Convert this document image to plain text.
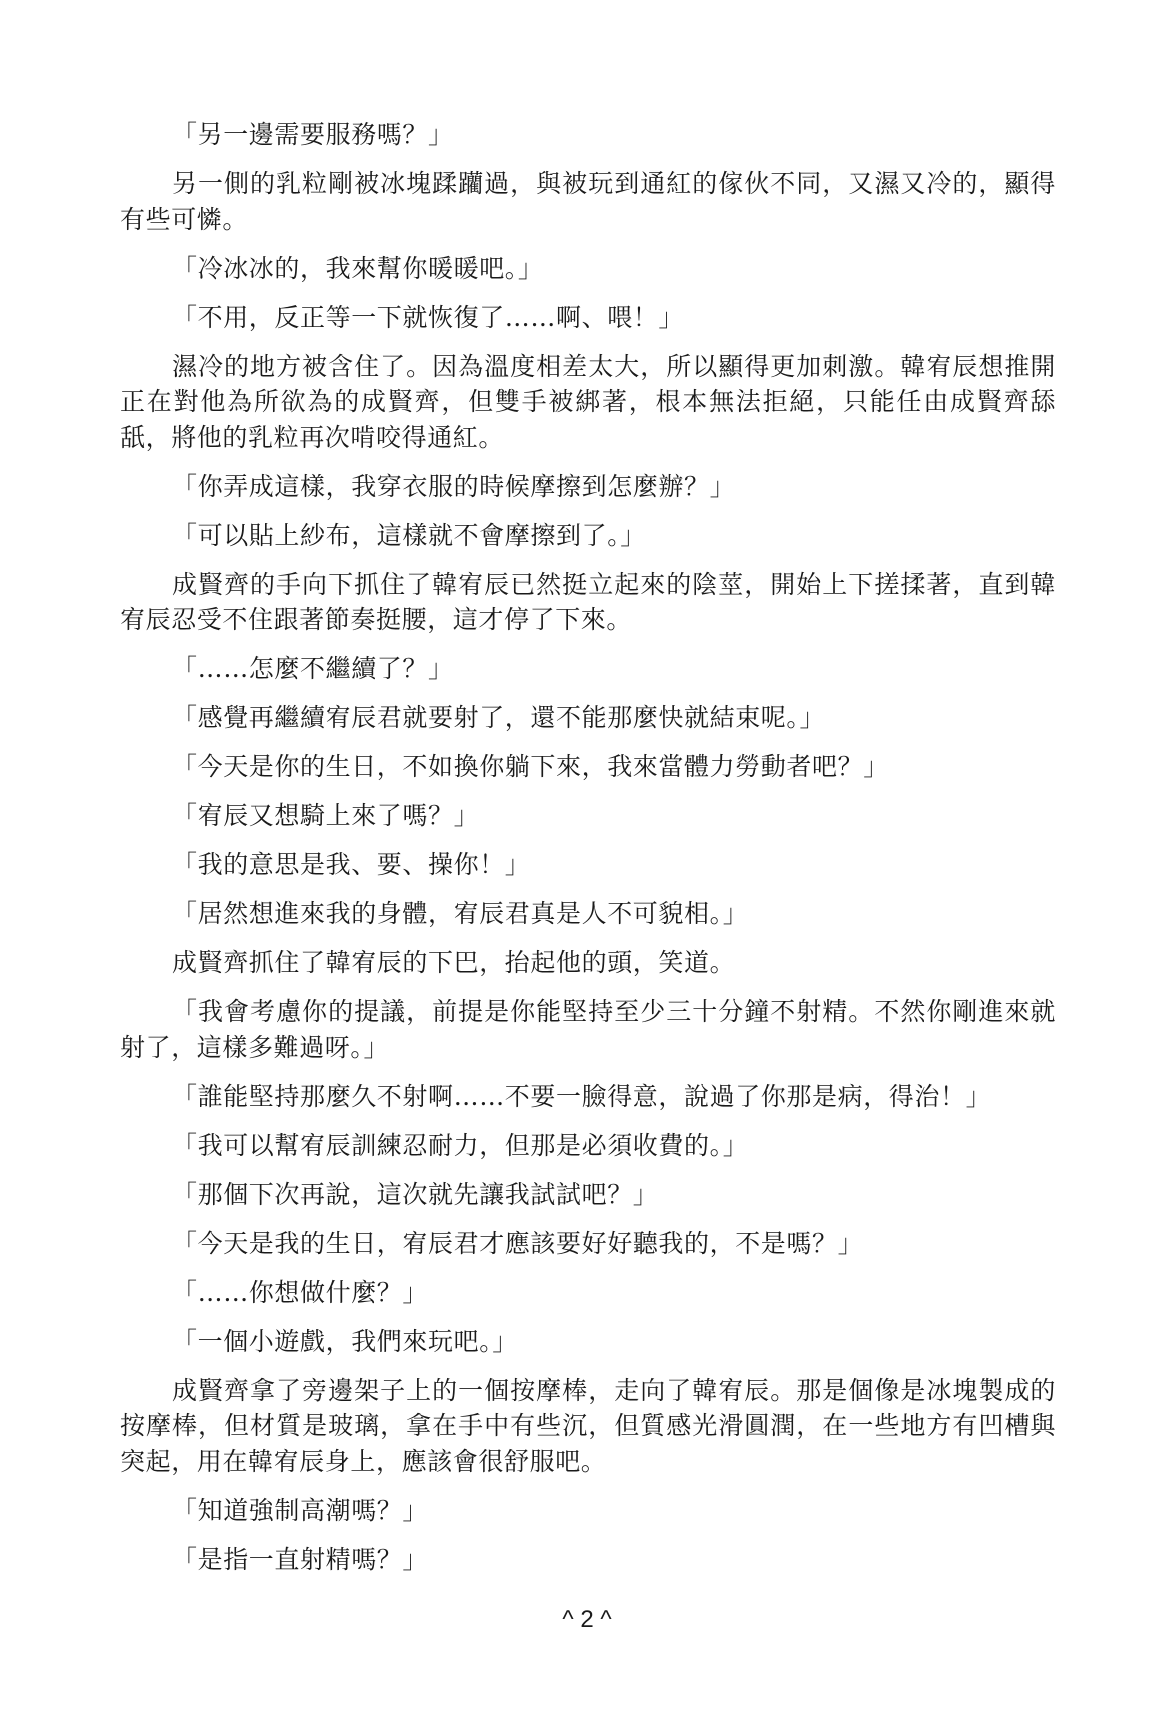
「另一邊需要服務嗎？」

另一側的乳粒剛被冰塊蹂躪過，與被玩到通紅的傢伙不同，又濕又冷的，顯得有些可憐。

「冷冰冰的，我來幫你暖暖吧。」

「不用，反正等一下就恢復了……啊、喂！」

濕冷的地方被含住了。因為溫度相差太大，所以顯得更加刺激。韓宥辰想推開正在對他為所欲為的成賢齊，但雙手被綁著，根本無法拒絕，只能任由成賢齊舔舐，將他的乳粒再次啃咬得通紅。

「你弄成這樣，我穿衣服的時候摩擦到怎麼辦？」

「可以貼上紗布，這樣就不會摩擦到了。」

成賢齊的手向下抓住了韓宥辰已然挺立起來的陰莖，開始上下搓揉著，直到韓宥辰忍受不住跟著節奏挺腰，這才停了下來。

「……怎麼不繼續了？」

「感覺再繼續宥辰君就要射了，還不能那麼快就結束呢。」

「今天是你的生日，不如換你躺下來，我來當體力勞動者吧？」

「宥辰又想騎上來了嗎？」

「我的意思是我、要、操你！」

「居然想進來我的身體，宥辰君真是人不可貌相。」

成賢齊抓住了韓宥辰的下巴，抬起他的頭，笑道。

「我會考慮你的提議，前提是你能堅持至少三十分鐘不射精。不然你剛進來就射了，這樣多難過呀。」

「誰能堅持那麼久不射啊……不要一臉得意，說過了你那是病，得治！」

「我可以幫宥辰訓練忍耐力，但那是必須收費的。」

「那個下次再說，這次就先讓我試試吧？」

「今天是我的生日，宥辰君才應該要好好聽我的，不是嗎？」

「……你想做什麼？」

「一個小遊戲，我們來玩吧。」

成賢齊拿了旁邊架子上的一個按摩棒，走向了韓宥辰。那是個像是冰塊製成的按摩棒，但材質是玻璃，拿在手中有些沉，但質感光滑圓潤，在一些地方有凹槽與突起，用在韓宥辰身上，應該會很舒服吧。

「知道強制高潮嗎？」

「是指一直射精嗎？」

^ 2 ^
